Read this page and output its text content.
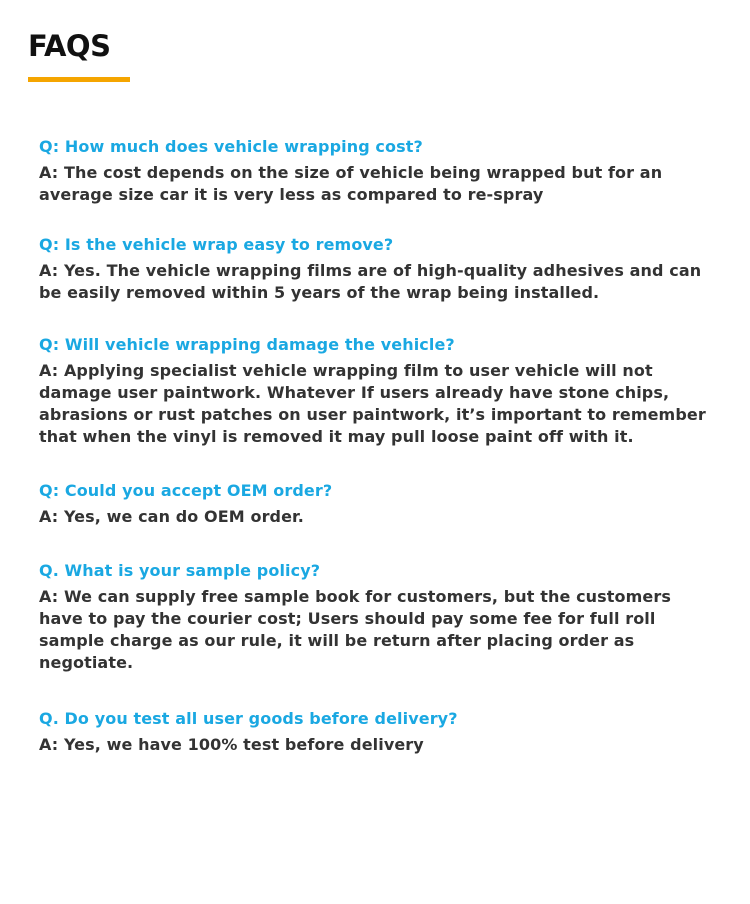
FAQS

Q: How much does vehicle wrapping cost?

A: The cost depends on the size of vehicle being wrapped but for an average size car it is very less as compared to re-spray

Q: Is the vehicle wrap easy to remove?

A: Yes. The vehicle wrapping films are of high-quality adhesives and can be easily removed within 5 years of the wrap being installed.

Q: Will vehicle wrapping damage the vehicle?

A: Applying specialist vehicle wrapping film to user vehicle will not damage user paintwork. Whatever If users already have stone chips, abrasions or rust patches on user paintwork, it’s important to remember that when the vinyl is removed it may pull loose paint off with it.

Q: Could you accept OEM order?

A: Yes, we can do OEM order.

Q. What is your sample policy?

A: We can supply free sample book for customers, but the customers have to pay the courier cost; Users should pay some fee for full roll sample charge as our rule, it will be return after placing order as negotiate.

Q. Do you test all user goods before delivery?

A: Yes, we have 100% test before delivery
